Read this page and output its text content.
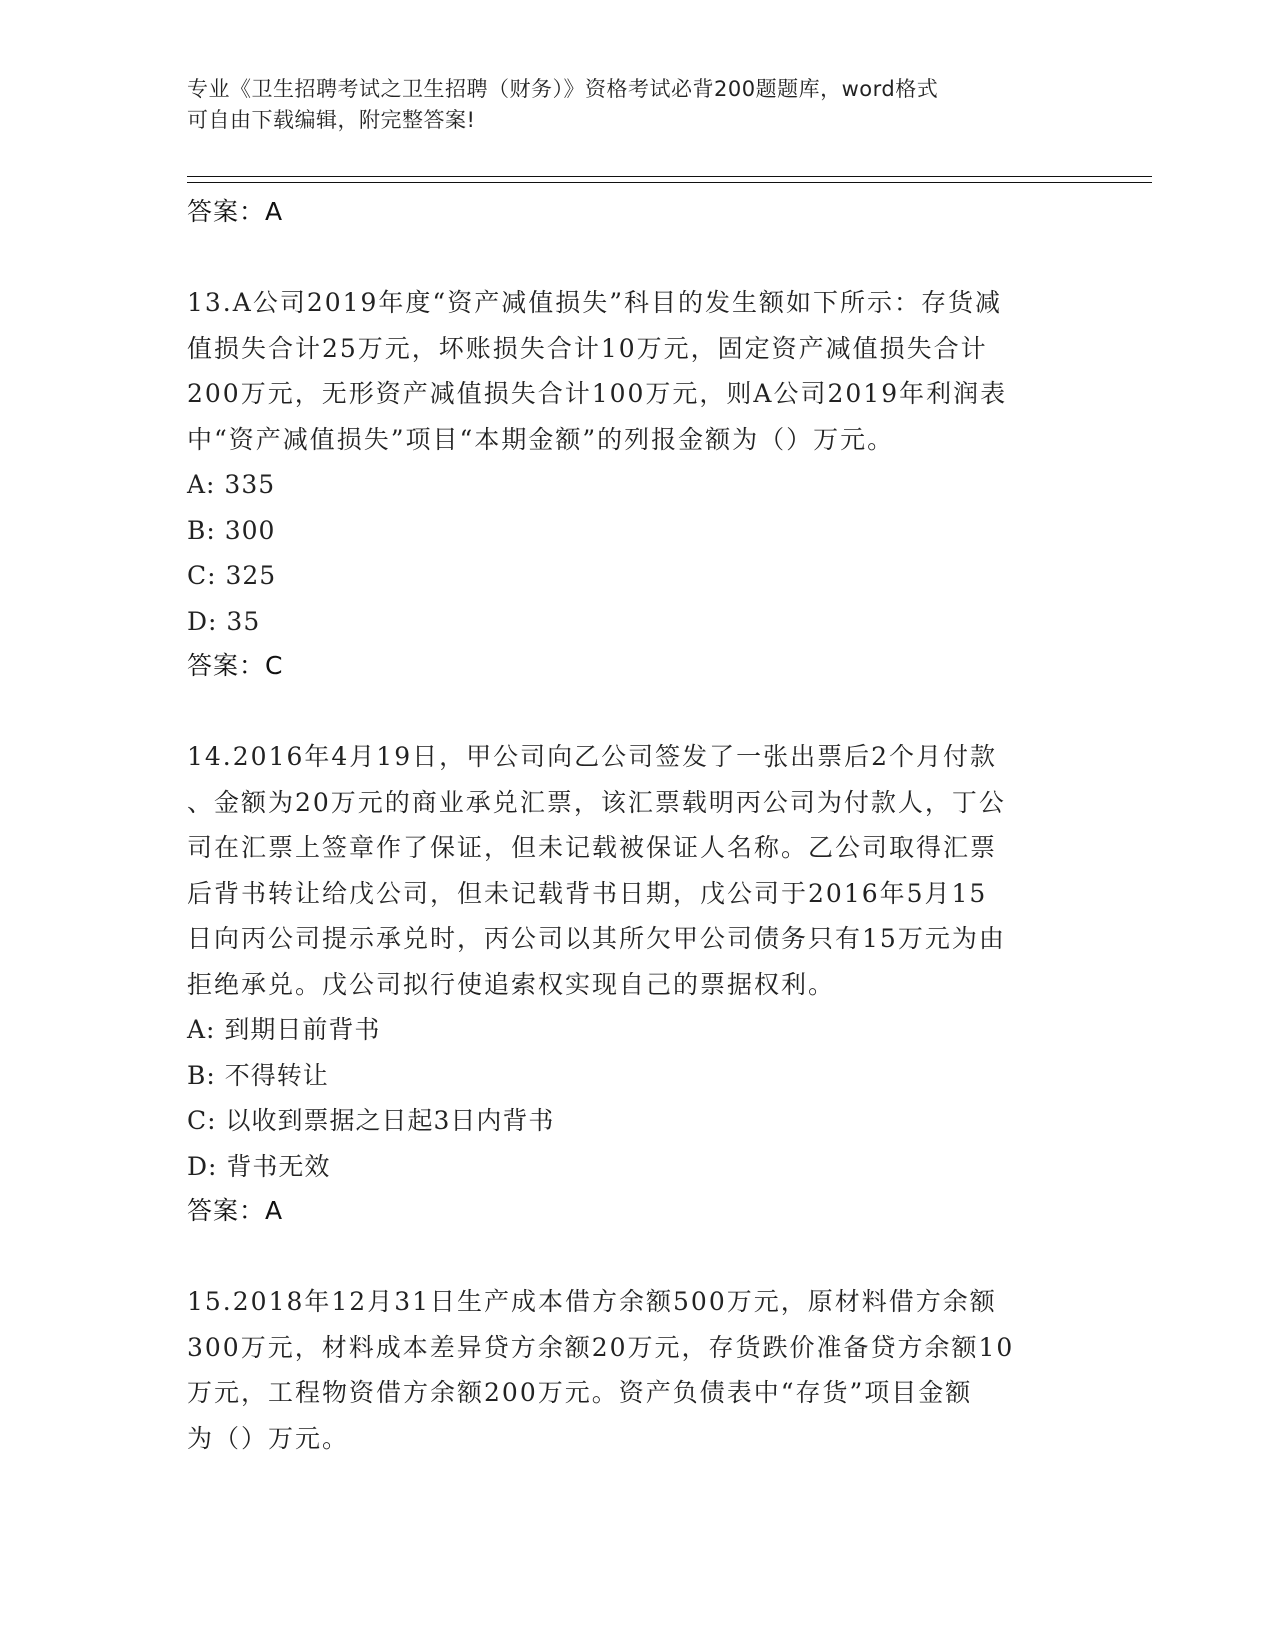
专业《卫生招聘考试之卫生招聘（财务）》资格考试必背200题题库，word格式
可自由下载编辑，附完整答案!
答案：A
13.A公司2019年度“资产减值损失”科目的发生额如下所示：存货减
值损失合计25万元，坏账损失合计10万元，固定资产减值损失合计
200万元，无形资产减值损失合计100万元，则A公司2019年利润表
中“资产减值损失”项目“本期金额”的列报金额为（）万元。
A: 335
B: 300
C: 325
D: 35
答案：C
14.2016年4月19日，甲公司向乙公司签发了一张出票后2个月付款
、金额为20万元的商业承兑汇票，该汇票载明丙公司为付款人，丁公
司在汇票上签章作了保证，但未记载被保证人名称。乙公司取得汇票
后背书转让给戊公司，但未记载背书日期，戊公司于2016年5月15
日向丙公司提示承兑时，丙公司以其所欠甲公司债务只有15万元为由
拒绝承兑。戊公司拟行使追索权实现自己的票据权利。
A: 到期日前背书
B: 不得转让
C: 以收到票据之日起3日内背书
D: 背书无效
答案：A
15.2018年12月31日生产成本借方余额500万元，原材料借方余额
300万元，材料成本差异贷方余额20万元，存货跌价准备贷方余额10
万元，工程物资借方余额200万元。资产负债表中“存货”项目金额
为（）万元。
